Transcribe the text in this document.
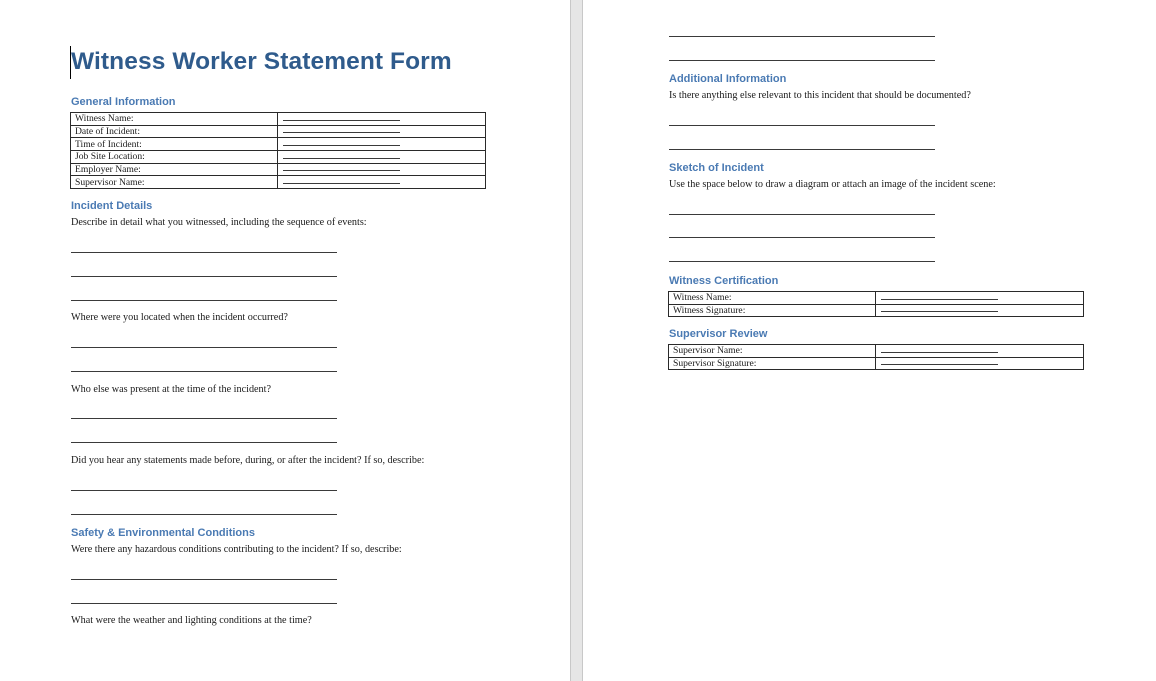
Witness Worker Statement Form
General Information
Witness Name:	
Date of Incident:	
Time of Incident:	
Job Site Location:	
Employer Name:	
Supervisor Name:	
Incident Details
Describe in detail what you witnessed, including the sequence of events:
Where were you located when the incident occurred?
Who else was present at the time of the incident?
Did you hear any statements made before, during, or after the incident? If so, describe:
Safety & Environmental Conditions
Were there any hazardous conditions contributing to the incident? If so, describe:
What were the weather and lighting conditions at the time?
Additional Information
Is there anything else relevant to this incident that should be documented?
Sketch of Incident
Use the space below to draw a diagram or attach an image of the incident scene:
Witness Certification
Witness Name:	
Witness Signature:	
Supervisor Review
Supervisor Name:	
Supervisor Signature:	
